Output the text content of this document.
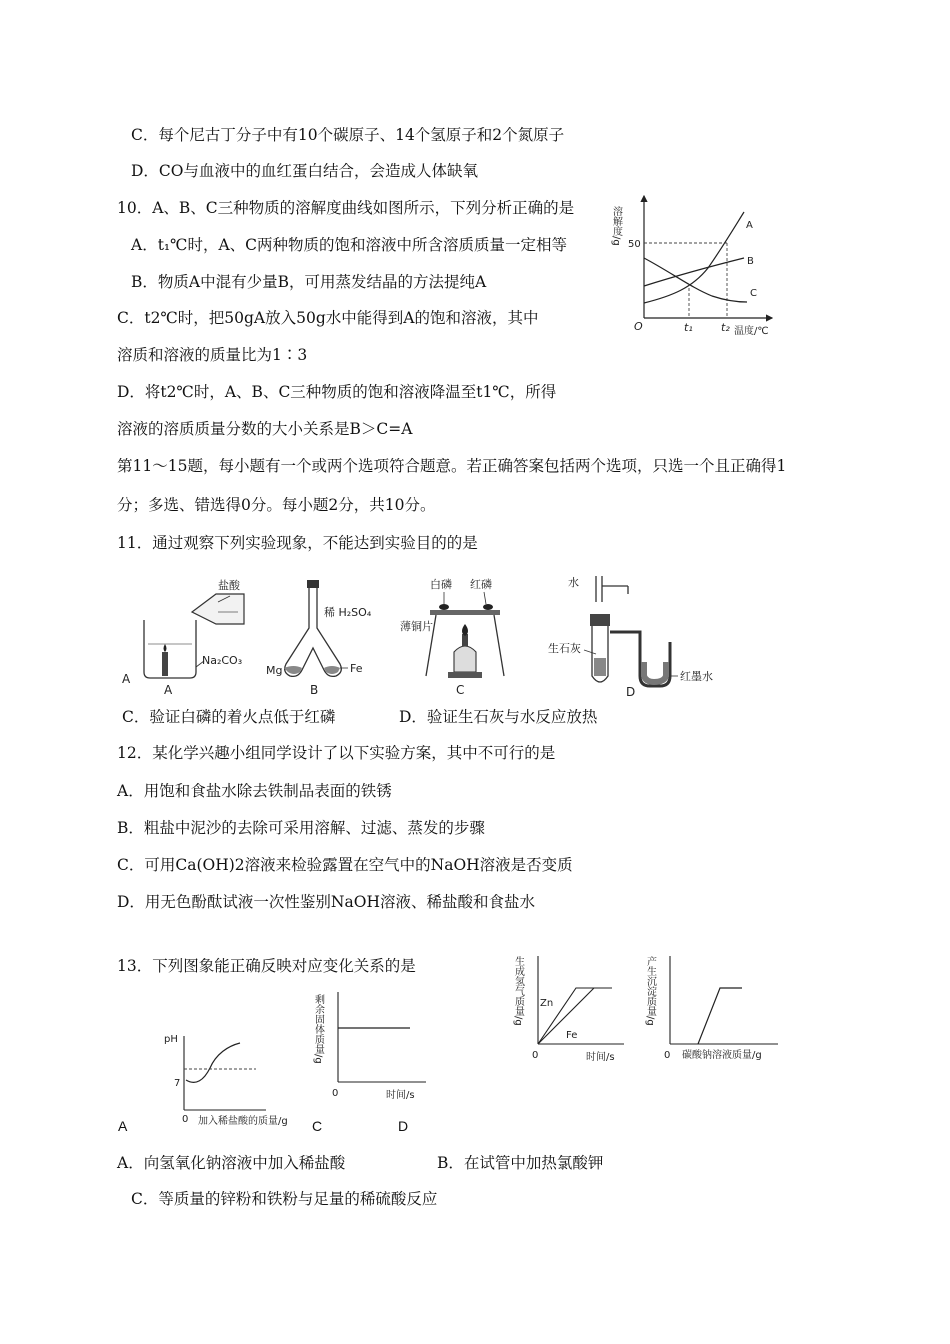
C．每个尼古丁分子中有10个碳原子、14个氢原子和2个氮原子
D．CO与血液中的血红蛋白结合，会造成人体缺氧
10．A、B、C三种物质的溶解度曲线如图所示，下列分析正确的是
A．t₁℃时，A、C两种物质的饱和溶液中所含溶质质量一定相等
B．物质A中混有少量B，可用蒸发结晶的方法提纯A
C．t2℃时，把50gA放入50g水中能得到A的饱和溶液，其中
溶质和溶液的质量比为1∶3
D．将t2℃时，A、B、C三种物质的饱和溶液降温至t1℃，所得
溶液的溶质质量分数的大小关系是B＞C=A
第11～15题，每小题有一个或两个选项符合题意。若正确答案包括两个选项，只选一个且正确得1
分；多选、错选得0分。每小题2分，共10分。
11．通过观察下列实验现象，不能达到实验目的的是
C．验证白磷的着火点低于红磷	D．验证生石灰与水反应放热
12．某化学兴趣小组同学设计了以下实验方案，其中不可行的是
A．用饱和食盐水除去铁制品表面的铁锈
B．粗盐中泥沙的去除可采用溶解、过滤、蒸发的步骤
C．可用Ca(OH)2溶液来检验露置在空气中的NaOH溶液是否变质
D．用无色酚酞试液一次性鉴别NaOH溶液、稀盐酸和食盐水
13．下列图象能正确反映对应变化关系的是
A．向氢氧化钠溶液中加入稀盐酸	B．在试管中加热氯酸钾
C．等质量的锌粉和铁粉与足量的稀硫酸反应
溶解度/g 50
O	t₁	t₂ 温度/℃
A
B
C
盐酸
Na₂CO₃
A
A
稀 H₂SO₄
Mg	Fe
B
白磷 红磷
薄铜片
C
水
生石灰
红墨水
D
pH
7
0 加入稀盐酸的质量/g
A
剩余固体质量/g
0	时间/s
C	D
生成氢气质量/g Zn
Fe
0	时间/s
产生沉淀质量/g
0 碳酸钠溶液质量/g
